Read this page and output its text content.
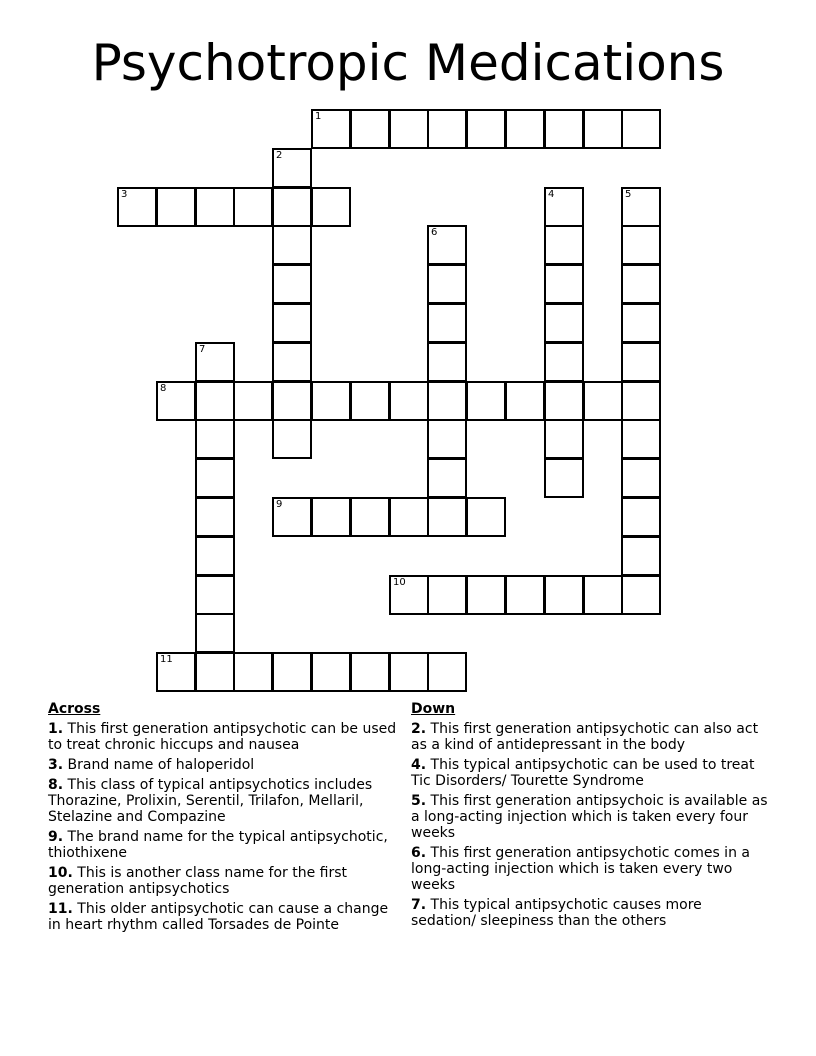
Psychotropic Medications
1
2
3	4	5
6
7
8
9
10
11
Across
1. This first generation antipsychotic can be used to treat chronic hiccups and nausea
3. Brand name of haloperidol
8. This class of typical antipsychotics includes Thorazine, Prolixin, Serentil, Trilafon, Mellaril, Stelazine and Compazine
9. The brand name for the typical antipsychotic, thiothixene
10. This is another class name for the first generation antipsychotics
11. This older antipsychotic can cause a change in heart rhythm called Torsades de Pointe
Down
2. This first generation antipsychotic can also act as a kind of antidepressant in the body
4. This typical antipsychotic can be used to treat Tic Disorders/ Tourette Syndrome
5. This first generation antipsychoic is available as a long-acting injection which is taken every four weeks
6. This first generation antipsychotic comes in a long-acting injection which is taken every two weeks
7. This typical antipsychotic causes more sedation/ sleepiness than the others
